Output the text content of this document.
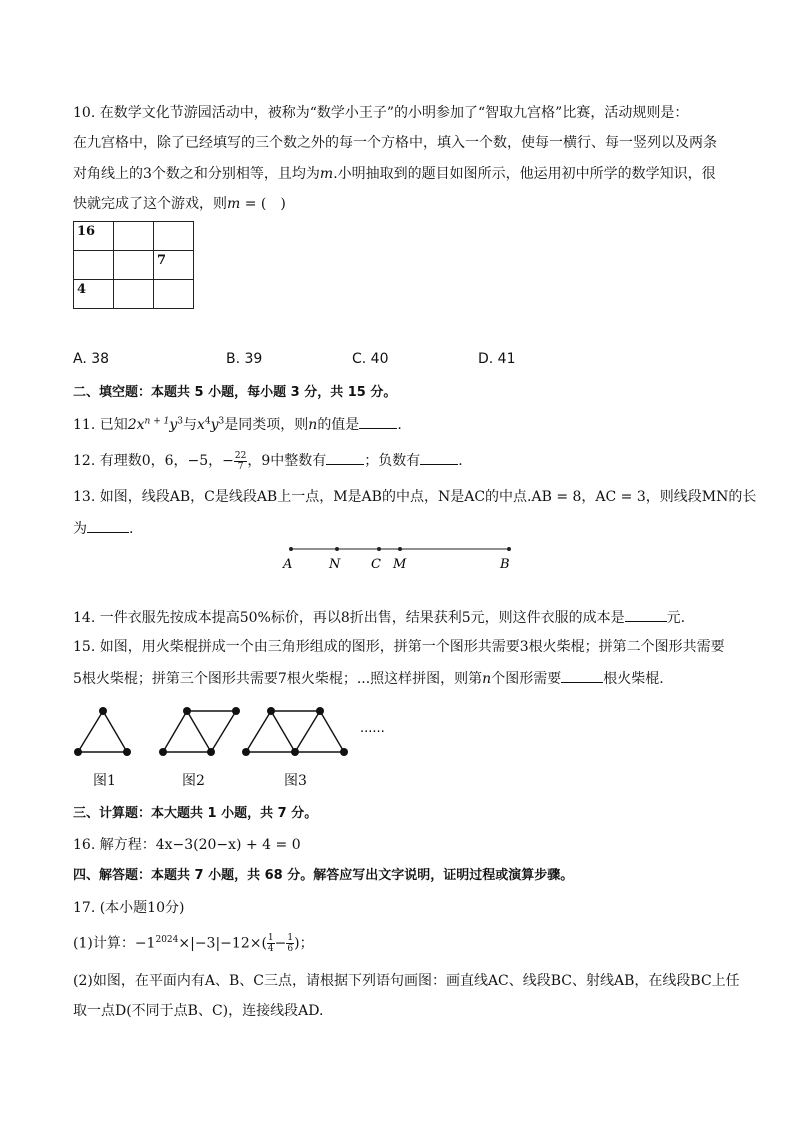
10. 在数学文化节游园活动中，被称为“数学小王子”的小明参加了“智取九宫格”比赛，活动规则是：
在九宫格中，除了已经填写的三个数之外的每一个方格中，填入一个数，使每一横行、每一竖列以及两条
对角线上的3个数之和分别相等，且均为m.小明抽取到的题目如图所示，他运用初中所学的数学知识，很
快就完成了这个游戏，则m = (　)
16		
		7
4		
A. 38	B. 39	C. 40	D. 41
二、填空题：本题共 5 小题，每小题 3 分，共 15 分。
11. 已知$2x^{n + 1}y^3$与$x^4y^3$是同类项，则n的值是	.
12. 有理数0，6，−5，− $\frac{22}{7}$ ，9中整数有	；负数有	.
13. 如图，线段AB，C是线段AB上一点，M是AB的中点，N是AC的中点.AB = 8，AC = 3，则线段MN的长
为	.
A	N C M	B
14. 一件衣服先按成本提高50%标价，再以8折出售，结果获利5元，则这件衣服的成本是	元.
15. 如图，用火柴棍拼成一个由三角形组成的图形，拼第一个图形共需要3根火柴棍；拼第二个图形共需要
5根火柴棍；拼第三个图形共需要7根火柴棍；...照这样拼图，则第n个图形需要	根火柴棍.
......
图1	图2	图3
三、计算题：本大题共 1 小题，共 7 分。
16. 解方程：4x−3(20−x) + 4 = 0
四、解答题：本题共 7 小题，共 68 分。解答应写出文字说明，证明过程或演算步骤。
17. (本小题10分)
(1)计算：$-1^{2024}\times|-3|-12\times( \frac{1}{4} - \frac{1}{6}$ )；
(2)如图，在平面内有A、B、C三点，请根据下列语句画图：画直线AC、线段BC、射线AB，在线段BC上任
取一点D(不同于点B、C)，连接线段AD.
